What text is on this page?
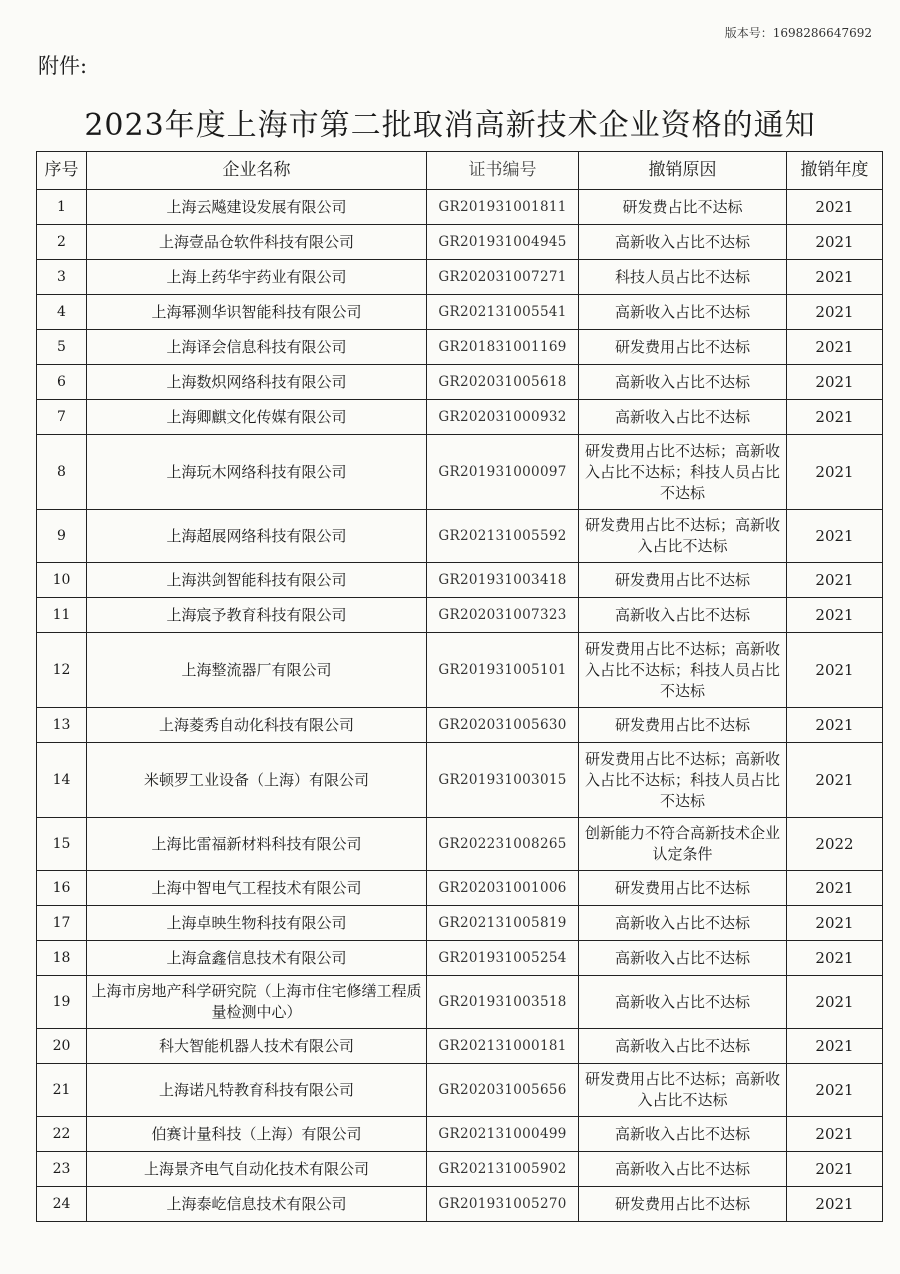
版本号：1698286647692
附件:
2023年度上海市第二批取消高新技术企业资格的通知
序号	企业名称	证书编号	撤销原因	撤销年度
1	上海云飚建设发展有限公司	GR201931001811	研发费占比不达标	2021
2	上海壹品仓软件科技有限公司	GR201931004945	高新收入占比不达标	2021
3	上海上药华宇药业有限公司	GR202031007271	科技人员占比不达标	2021
4	上海幂测华识智能科技有限公司	GR202131005541	高新收入占比不达标	2021
5	上海译会信息科技有限公司	GR201831001169	研发费用占比不达标	2021
6	上海数炽网络科技有限公司	GR202031005618	高新收入占比不达标	2021
7	上海卿麒文化传媒有限公司	GR202031000932	高新收入占比不达标	2021
8	上海玩木网络科技有限公司	GR201931000097	研发费用占比不达标；高新收入占比不达标；科技人员占比不达标	2021
9	上海超展网络科技有限公司	GR202131005592	研发费用占比不达标；高新收入占比不达标	2021
10	上海洪剑智能科技有限公司	GR201931003418	研发费用占比不达标	2021
11	上海宸予教育科技有限公司	GR202031007323	高新收入占比不达标	2021
12	上海整流器厂有限公司	GR201931005101	研发费用占比不达标；高新收入占比不达标；科技人员占比不达标	2021
13	上海菱秀自动化科技有限公司	GR202031005630	研发费用占比不达标	2021
14	米顿罗工业设备（上海）有限公司	GR201931003015	研发费用占比不达标；高新收入占比不达标；科技人员占比不达标	2021
15	上海比雷福新材料科技有限公司	GR202231008265	创新能力不符合高新技术企业认定条件	2022
16	上海中智电气工程技术有限公司	GR202031001006	研发费用占比不达标	2021
17	上海卓映生物科技有限公司	GR202131005819	高新收入占比不达标	2021
18	上海盒鑫信息技术有限公司	GR201931005254	高新收入占比不达标	2021
19	上海市房地产科学研究院（上海市住宅修缮工程质量检测中心）	GR201931003518	高新收入占比不达标	2021
20	科大智能机器人技术有限公司	GR202131000181	高新收入占比不达标	2021
21	上海诺凡特教育科技有限公司	GR202031005656	研发费用占比不达标；高新收入占比不达标	2021
22	伯赛计量科技（上海）有限公司	GR202131000499	高新收入占比不达标	2021
23	上海景齐电气自动化技术有限公司	GR202131005902	高新收入占比不达标	2021
24	上海泰屹信息技术有限公司	GR201931005270	研发费用占比不达标	2021
